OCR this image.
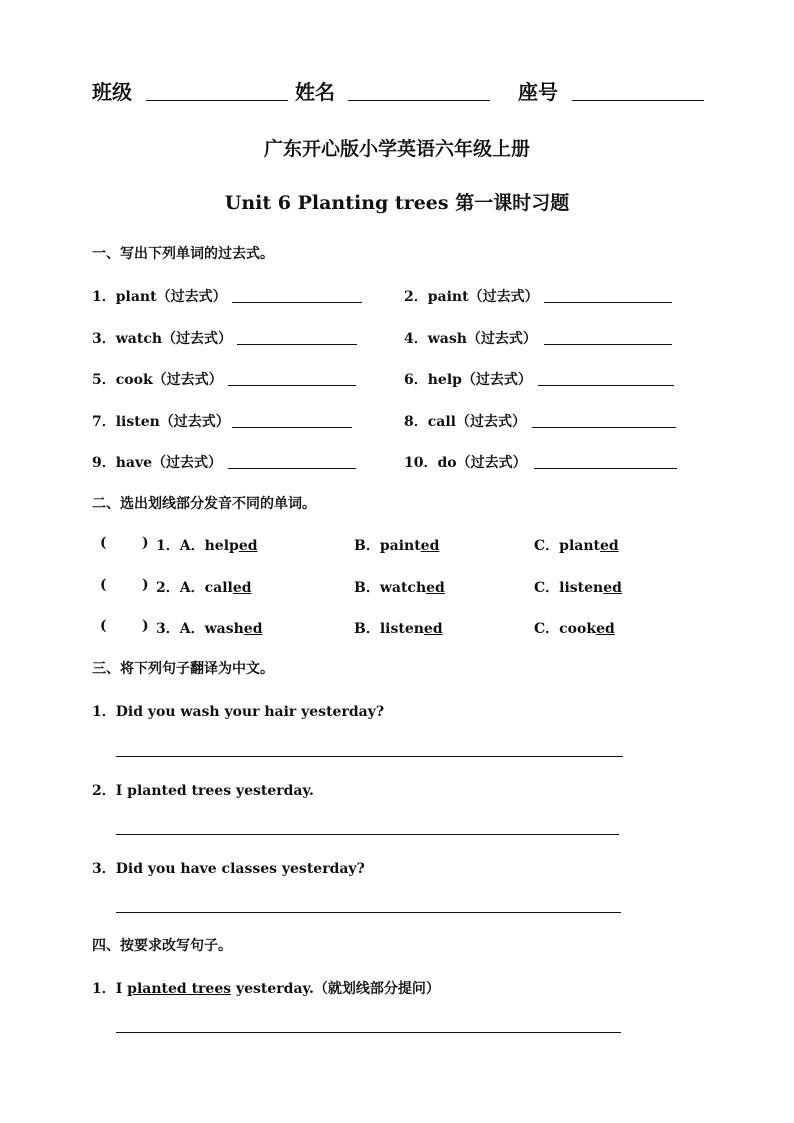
班级	姓名	座号
广东开心版小学英语六年级上册
Unit 6 Planting trees 第一课时习题
一、写出下列单词的过去式。
1．plant（过去式）	2．paint（过去式）
3．watch（过去式）	4．wash（过去式）
5．cook（过去式）	6．help（过去式）
7．listen（过去式）	8．call（过去式）
9．have（过去式）	10．do（过去式）
二、选出划线部分发音不同的单词。
(	) 1．A．helped	B．painted	C．planted
(	) 2．A．called	B．watched	C．listened
(	) 3．A．washed	B．listened	C．cooked
三、将下列句子翻译为中文。
1．Did you wash your hair yesterday?
2．I planted trees yesterday.
3．Did you have classes yesterday?
四、按要求改写句子。
1．I planted trees yesterday.（就划线部分提问）
